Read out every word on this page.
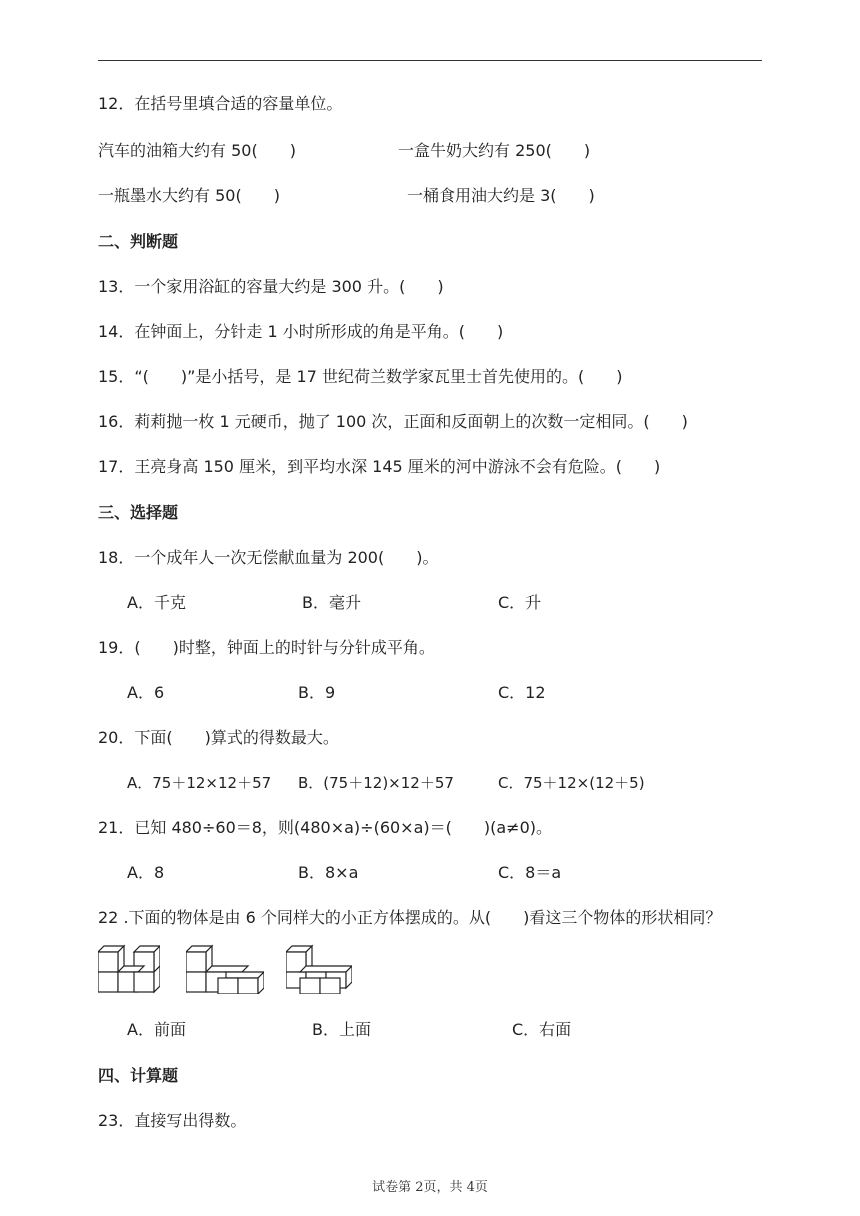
12．在括号里填合适的容量单位。
汽车的油箱大约有 50(　　)	一盒牛奶大约有 250(　　)
一瓶墨水大约有 50(　　)	一桶食用油大约是 3(　　)
二、判断题
13．一个家用浴缸的容量大约是 300 升。(　　)
14．在钟面上，分针走 1 小时所形成的角是平角。(　　)
15．“(　　)”是小括号，是 17 世纪荷兰数学家瓦里士首先使用的。(　　)
16．莉莉抛一枚 1 元硬币，抛了 100 次，正面和反面朝上的次数一定相同。(　　)
17．王亮身高 150 厘米，到平均水深 145 厘米的河中游泳不会有危险。(　　)
三、选择题
18．一个成年人一次无偿献血量为 200(　　)。
A．千克	B．毫升	C．升
19．(　　)时整，钟面上的时针与分针成平角。
A．6	B．9	C．12
20．下面(　　)算式的得数最大。
A．75＋12×12＋57 B．(75＋12)×12＋57	C．75＋12×(12＋5)
21．已知 480÷60＝8，则(480×a)÷(60×a)＝(　　)(a≠0)。
A．8	B．8×a	C．8＝a
22 .下面的物体是由 6 个同样大的小正方体摆成的。从(　　)看这三个物体的形状相同？
A．前面	B．上面	C．右面
四、计算题
23．直接写出得数。
试卷第 2页，共 4页
